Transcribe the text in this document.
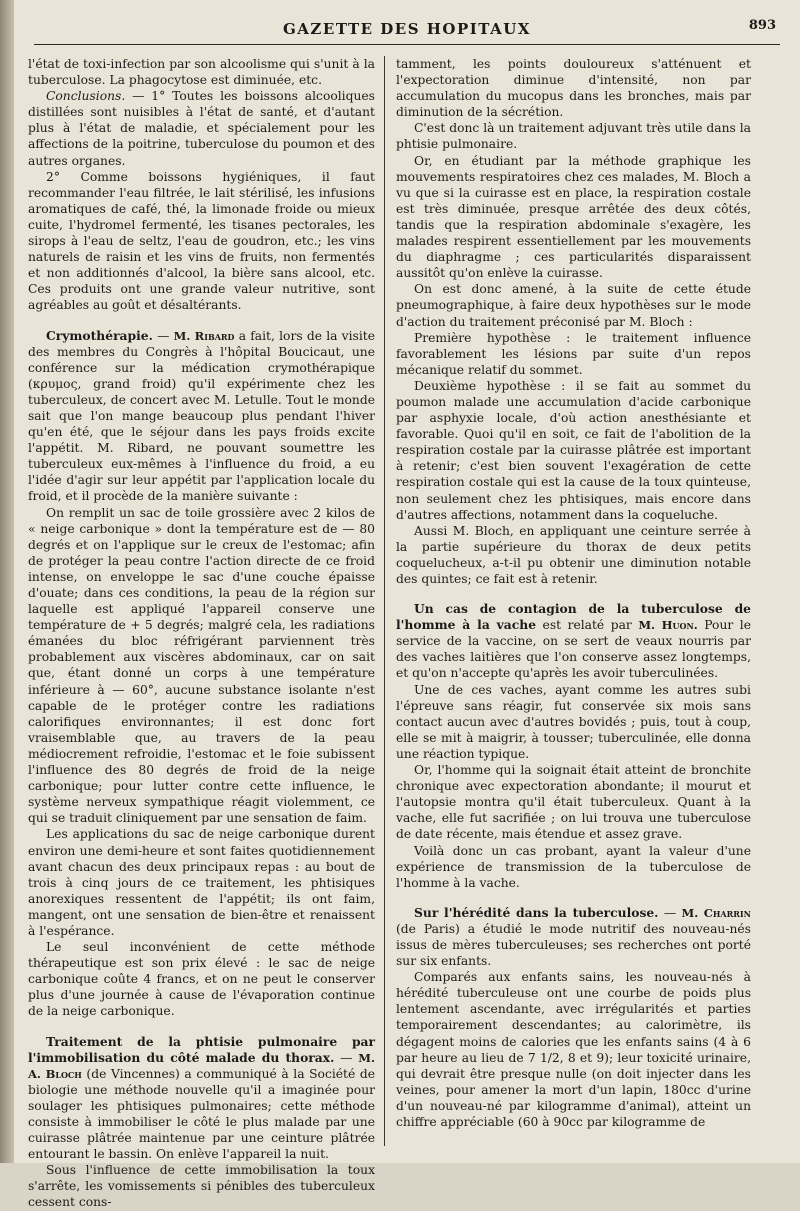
GAZETTE DES HOPITAUX	893

l'état de toxi-infection par son alcoolisme qui s'unit à la tuberculose. La phagocytose est diminuée, etc.

Conclusions. — 1° Toutes les boissons alcooliques distillées sont nuisibles à l'état de santé, et d'autant plus à l'état de maladie, et spécialement pour les affections de la poitrine, tuberculose du poumon et des autres organes.

2° Comme boissons hygiéniques, il faut recommander l'eau filtrée, le lait stérilisé, les infusions aromatiques de café, thé, la limonade froide ou mieux cuite, l'hydromel fermenté, les tisanes pectorales, les sirops à l'eau de seltz, l'eau de goudron, etc.; les vins naturels de raisin et les vins de fruits, non fermentés et non additionnés d'alcool, la bière sans alcool, etc. Ces produits ont une grande valeur nutritive, sont agréables au goût et désaltérants.

Crymothérapie. — M. Ribard a fait, lors de la visite des membres du Congrès à l'hôpital Boucicaut, une conférence sur la médication crymothérapique (κρυμος, grand froid) qu'il expérimente chez les tuberculeux, de concert avec M. Letulle. Tout le monde sait que l'on mange beaucoup plus pendant l'hiver qu'en été, que le séjour dans les pays froids excite l'appétit. M. Ribard, ne pouvant soumettre les tuberculeux eux-mêmes à l'influence du froid, a eu l'idée d'agir sur leur appétit par l'application locale du froid, et il procède de la manière suivante :

On remplit un sac de toile grossière avec 2 kilos de « neige carbonique » dont la température est de — 80 degrés et on l'applique sur le creux de l'estomac; afin de protéger la peau contre l'action directe de ce froid intense, on enveloppe le sac d'une couche épaisse d'ouate; dans ces conditions, la peau de la région sur laquelle est appliqué l'appareil conserve une température de + 5 degrés; malgré cela, les radiations émanées du bloc réfrigérant parviennent très probablement aux viscères abdominaux, car on sait que, étant donné un corps à une température inférieure à — 60°, aucune substance isolante n'est capable de le protéger contre les radiations calorifiques environnantes; il est donc fort vraisemblable que, au travers de la peau médiocrement refroidie, l'estomac et le foie subissent l'influence des 80 degrés de froid de la neige carbonique; pour lutter contre cette influence, le système nerveux sympathique réagit violemment, ce qui se traduit cliniquement par une sensation de faim.

Les applications du sac de neige carbonique durent environ une demi-heure et sont faites quotidiennement avant chacun des deux principaux repas : au bout de trois à cinq jours de ce traitement, les phtisiques anorexiques ressentent de l'appétit; ils ont faim, mangent, ont une sensation de bien-être et renaissent à l'espérance.

Le seul inconvénient de cette méthode thérapeutique est son prix élevé : le sac de neige carbonique coûte 4 francs, et on ne peut le conserver plus d'une journée à cause de l'évaporation continue de la neige carbonique.

Traitement de la phtisie pulmonaire par l'immobilisation du côté malade du thorax. — M. A. Bloch (de Vincennes) a communiqué à la Société de biologie une méthode nouvelle qu'il a imaginée pour soulager les phtisiques pulmonaires; cette méthode consiste à immobiliser le côté le plus malade par une cuirasse plâtrée maintenue par une ceinture plâtrée entourant le bassin. On enlève l'appareil la nuit.

Sous l'influence de cette immobilisation la toux s'arrête, les vomissements si pénibles des tuberculeux cessent cons-

tamment, les points douloureux s'atténuent et l'expectoration diminue d'intensité, non par accumulation du mucopus dans les bronches, mais par diminution de la sécrétion.

C'est donc là un traitement adjuvant très utile dans la phtisie pulmonaire.

Or, en étudiant par la méthode graphique les mouvements respiratoires chez ces malades, M. Bloch a vu que si la cuirasse est en place, la respiration costale est très diminuée, presque arrêtée des deux côtés, tandis que la respiration abdominale s'exagère, les malades respirent essentiellement par les mouvements du diaphragme ; ces particularités disparaissent aussitôt qu'on enlève la cuirasse.

On est donc amené, à la suite de cette étude pneumographique, à faire deux hypothèses sur le mode d'action du traitement préconisé par M. Bloch :

Première hypothèse : le traitement influence favorablement les lésions par suite d'un repos mécanique relatif du sommet.

Deuxième hypothèse : il se fait au sommet du poumon malade une accumulation d'acide carbonique par asphyxie locale, d'où action anesthésiante et favorable. Quoi qu'il en soit, ce fait de l'abolition de la respiration costale par la cuirasse plâtrée est important à retenir; c'est bien souvent l'exagération de cette respiration costale qui est la cause de la toux quinteuse, non seulement chez les phtisiques, mais encore dans d'autres affections, notamment dans la coqueluche.

Aussi M. Bloch, en appliquant une ceinture serrée à la partie supérieure du thorax de deux petits coquelucheux, a-t-il pu obtenir une diminution notable des quintes; ce fait est à retenir.

Un cas de contagion de la tuberculose de l'homme à la vache est relaté par M. Huon. Pour le service de la vaccine, on se sert de veaux nourris par des vaches laitières que l'on conserve assez longtemps, et qu'on n'accepte qu'après les avoir tuberculinées.

Une de ces vaches, ayant comme les autres subi l'épreuve sans réagir, fut conservée six mois sans contact aucun avec d'autres bovidés ; puis, tout à coup, elle se mit à maigrir, à tousser; tuberculinée, elle donna une réaction typique.

Or, l'homme qui la soignait était atteint de bronchite chronique avec expectoration abondante; il mourut et l'autopsie montra qu'il était tuberculeux. Quant à la vache, elle fut sacrifiée ; on lui trouva une tuberculose de date récente, mais étendue et assez grave.

Voilà donc un cas probant, ayant la valeur d'une expérience de transmission de la tuberculose de l'homme à la vache.

Sur l'hérédité dans la tuberculose. — M. Charrin (de Paris) a étudié le mode nutritif des nouveau-nés issus de mères tuberculeuses; ses recherches ont porté sur six enfants.

Comparés aux enfants sains, les nouveau-nés à hérédité tuberculeuse ont une courbe de poids plus lentement ascendante, avec irrégularités et parties temporairement descendantes; au calorimètre, ils dégagent moins de calories que les enfants sains (4 à 6 par heure au lieu de 7 1/2, 8 et 9); leur toxicité urinaire, qui devrait être presque nulle (on doit injecter dans les veines, pour amener la mort d'un lapin, 180cc d'urine d'un nouveau-né par kilogramme d'animal), atteint un chiffre appréciable (60 à 90cc par kilogramme de
